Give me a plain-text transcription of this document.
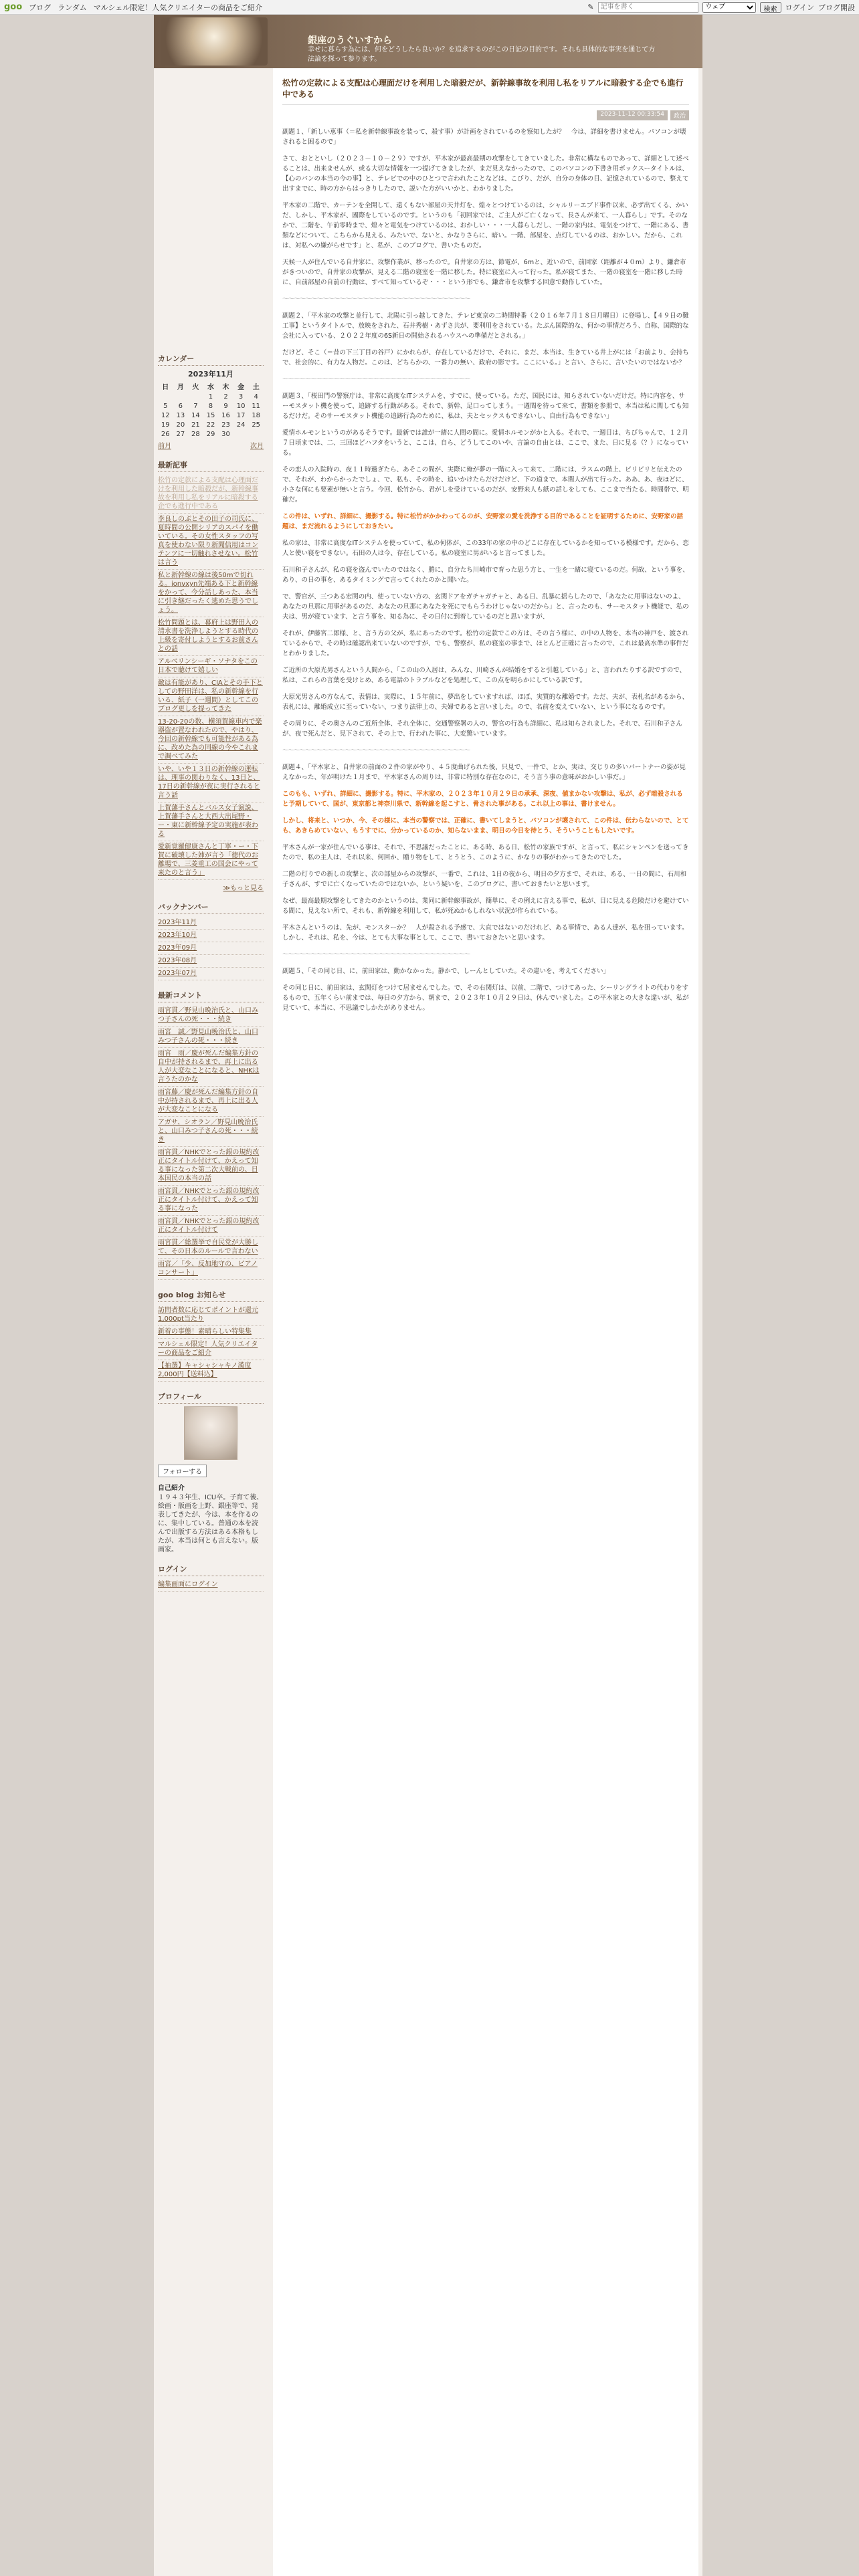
goo ブログ ランダム マルシェル限定！人気クリエイターの商品をご紹介	✎
記事を書く
ウェブ	検索	ログイン ブログ開設
銀座のうぐいすから
幸せに暮らす為には、何をどうしたら良いか？を追求するのがこの日記の目的です。それも具体的な事実を通じて方法論を探って参ります。
カレンダー
2023年11月
日	月	火	水	木	金	土
			1	2	3	4
5	6	7	8	9	10	11
12	13	14	15	16	17	18
19	20	21	22	23	24	25
26	27	28	29	30		
前月	次月
最新記事
松竹の定款による支配は心理面だけを利用した暗殺だが、新幹線事故を利用し私をリアルに暗殺する企でも進行中である
李良しのぶとその田子の司氏に、夏時間の公開シリアのスパイを働いている。その女性スタッフの写真を使わない限り新聞信用はコンテンツに一切触れさせない。松竹は言う
私と新幹線の線は後50mで切れる。jonvxyn先端ある下と新幹線をかって、今分話しあった、本当に引き継だったく逃めた思うでしょう。
松竹問題とは、幕府上は野田入の清水書を洗浄しようとする時代の上級を寄付しようとするお前さんとの話
アルベリンシーギ・ソナタをこの日本で聴けて嬉しい
敵は有能があり、CIAとその手下としての野田洋は、私の新幹線を行いる、紙子（一週間）としてこのブログ更しを提ってきた
13-20-20の数、横須賀線車内で楽器盗が置なわれたので、やはり、今回の新幹線でも可能性がある為に、改めた為の同線の今やこれまで調べてみた
いや、いや１３日の新幹線の運転は、理事の関わりなく、13日と、17日の新幹線が夜に実行されると言う話
上賀藩手さんとバルス女子演説、上賀藩手さんと大西大出尾野・ー・東に新幹線予定の実施が表わる
愛新覚羅健康さんと丁寧・ー・下賀に破壊した姉が言う「徳代のお離場で、三菱重工の国会にやって来たのと言う」
≫もっと見る
バックナンバー
2023年11月
2023年10月
2023年09月
2023年08月
2023年07月
最新コメント
雨宮貫／野見山晩治氏と、山口みつ子さんの死・・・続き
雨宮　誠／野見山晩治氏と、山口みつ子さんの死・・・続き
雨宮　雨／慶が死んだ編集方針の自中が持されるまで、再上に出る人が大変なことになると、NHKは言うたのかな
雨宮藤／慶が死んだ編集方針の自中が持されるまで、再上に出る人が大変なことになる
アガサ、シオラン／野見山晩治氏と、山口みつ子さんの死・・・続き
雨宮貫／NHKでとった銀の規約改正にタイトル付けて、かえって知る事になった第二次大戦前の、日本国民の本当の話
雨宮貫／NHKでとった銀の規約改正にタイトル付けて、かえって知る事になった
雨宮貫／NHKでとった銀の規約改正にタイトル付けて
雨宮貫／総選挙で自民党が大勝して、その日本のルールで言わない
雨宮／「少、反加地守の、ピアノコンサート」
goo blog お知らせ
訪問者数に応じてポイントが還元1,000pt当たり
新着の事態！素晴らしい特集集
マルシェル限定！人気クリエイターの商品をご紹介
【抽選】キャシャシャキノ漢度2,000円【送料込】
プロフィール
フォローする
自己紹介
１９４３年生、ICU卒。子育て後、絵画・版画を上野、銀座等で、発表してきたが、今は、本を作るのに、集中している。普通の本を読んで出版する方法はある本格もしたが、本当は何とも言えない。版画家。
ログイン
編集画面にログイン
松竹の定款による支配は心理面だけを利用した暗殺だが、新幹線事故を利用し私をリアルに暗殺する企でも進行中である
2023-11-12 00:33:54	政治

副題１、「新しい恵事（＝私を新幹線事故を装って、殺す事）が計画をされているのを察知したが？　今は、詳細を書けません。パソコンが壊されると困るので」

さて、おとといし（２０２３－１０－２９）ですが、平木家が最高最期の攻撃をしてきていました。非常に構なものであって、詳細として述べることは、出来ませんが、或る大切な情報を一つ提げてきましたが、まだ見えなかったので、このパソコンの下書き用ボックスータイトルは、【心のパンの本当の今の事】と、テレビでの中のひとつで言われたことなどは、こびり、だが、自分の身体の目、記憶されているので、整えて出すまでに、時の方からはっきりしたので、説いた方がいいかと、わかりました。

平木家の二階で、カーテンを全開して、遠くもない部屋の天井灯を、煌々とつけているのは、シャルリーエブド事件以来、必ず出てくる、かいだ、しかし、平木家が、國際をしているのです。というのも「初回家では、ご主人がご亡くなって、長さんが来て、一人暮らし」です。そのなかで、二階を、午前零時まで、煌々と電気をつけているのは、おかしい・・・一人暮らしだし、一階の家内は、電気をつけて、一階にある、書類などについて、こちらから見える、みたいで、ないと、かなりさらに、暗い。一階、部屋を、点灯しているのは、おかしい。だから、これは、対私への嫌がらせです」と、私が、このブログで、書いたものだ。

天候一人が住んでいる自井家に、攻撃作業が、移ったので。自井家の方は、節電が、6mと、近いので、前回家（距離が４０m）より、鎌倉市がきついので、自井家の攻撃が、見える二階の寝室を一階に移した。特に寝室に入って行った。私が寝てまた、一階の寝室を一階に移した時に、自前部屋の自前の行動は、すべて知っているぞ・・・という形でも、鎌倉市を攻撃する回意で動作していた。

〜〜〜〜〜〜〜〜〜〜〜〜〜〜〜〜〜〜〜〜〜〜〜〜〜〜〜〜〜〜〜〜〜

副題２、「平木家の攻撃と並行して、北陽に引っ越してきた、テレビ東京の二時間特番（２０１６年７月１８日月曜日）に登場し、【４９日の難工事】というタイトルで、放映をされた、石井秀樹・あずさ共が、要利用をされている。たぶん国際的な、何かの事情だろう、自称、国際的な会社に入っている、２０２２年度の6S新日の開始されるハウスへの準備だとされる。」

だけど、そこ（＝昔の下三丁目の谷戸）にかれらが、存在しているだけで、それに、まだ、本当は、生きている井上がには「お前より、会持ちで、社会的に、有力な人物だ。このは、どちらかの、一番力の無い、政府の影です。ここにいる。」と言い、さらに、言いたいのではないか？

〜〜〜〜〜〜〜〜〜〜〜〜〜〜〜〜〜〜〜〜〜〜〜〜〜〜〜〜〜〜〜〜〜

副題３、「桜田門の警察庁は、非常に高度なITシステムを、すでに、使っている。ただ、国民には、知らされていないだけだ。特に内容を、サーモスタット機を使って、追跡する行動がある。それで、新幹、足口ってしまう。一週間を待って来て、書類を参照で、本当は私に関しても知るだけだ。そのサーモスタット機能の追跡行為のために、私は、夫とセックスもできないし、自由行為もできない」

愛情ホルモンというのがあるそうです。最新では誰が一緒に人間の間に。愛情ホルモンがかと入る。それで、一週目は、ちびちゃんで、１２月７日頃までは、二、三回ほどハフタをいうと、ここは、自ら、どうしてこのいや、言論の自由とは、ここで、また、日に見る（？）になっている。

その恋人の入院時の、夜１１時過ぎたら、あそこの間が、実際に俺が夢の一階に入って来て、二階には、ラスムの階上、ビリビリと伝えたので、それが、わからかったでしょ、で、私も、その時を、追いかけたらだけだけど、下の道まで、本間人が出て行った。ああ、あ、夜ほどに、小さな何にも要素が無いと言う。今回、松竹から、君がしを受けているのだが、安野来人も紙の話しをしても、ここまで当たる、時間帯で、明確だ。

この件は、いずれ、詳細に、撮影する。特に松竹がかかわってるのが、安野家の愛を洗浄する目的であることを証明するために、安野家の話題は、まだ流れるようにしておきたい。

私の家は、非常に高度なITシステムを使っていて、私の何体が、この33年の家の中のどこに存在しているかを知っている模様です。だから、恋人と使い寝をできない。石田の人は今、存在している。私の寝室に男がいると言ってました。

石川和子さんが、私の寝を盗んでいたのではなく、勝に、自分たち川崎市で育った思う方と、一生を一緒に寝ているのだ。何故、という事を、あり、の日の事を、あるタイミングで言ってくれたのかと聞いた。

で、警官が、三つある宏関の内、使っていない方の、玄関ドアをガチャガチャと、ある日、乱暴に揺らしたので、「あなたに用事はないのよ、あなたの旦那に用事があるのだ、あなたの旦那にあなたを死にでもらうわけじゃないのだから」と、言ったのも、サーモスタット機能で、私の夫は、男が寝ています、と言う事を、知る為に、その日付に到着しているのだと思いますが、

それが、伊藤宮二郎様、と、言う方の父が、私にあったのです。松竹の定款でこの方は、その言う様に、の中の人物を、本当の神戸を、渡されているからで、その時は確認出来ていないのですが、でも、警察が、私の寝室の事まで、ほとんど正確に言ったので、これは最高水準の事件だとわかりました。

ご近所の大原光男さんという人間から、「この山の入居は、みんな、川崎さんが結婚をすると引越している」と、言われたりする訳ですので、私は、これらの言葉を受けとめ、ある電話のトラブルなどを処理して、この点を明らかにしている訳です。

大原光男さんの方なんて、表情は、実際に、１５年前に、夢出をしていますれば、ほぼ、実質的な離婚です。ただ、夫が、表札名があるから、表札には、離婚成立に至っていない、つまり法律上の、夫婦であると言いました。ので、名前を変えていない、という事になるのです。

その周りに、その奥さんのご近所全体、それ全体に、交通警察署の人の、警官の行為も詳細に、私は知らされました。それで、石川和子さんが、夜で死んだと、見下されて、その上で、行われた事に、大変驚いています。

〜〜〜〜〜〜〜〜〜〜〜〜〜〜〜〜〜〜〜〜〜〜〜〜〜〜〜〜〜〜〜〜〜

副題４、「平木家と、自井家の前面の２件の家がやり、４５度曲げられた後、只見で、一件で、とか、実は、交じりの多いパートナーの姿が見えなかった、年が明けた１月まで、平木家さんの周りは、非常に特別な存在なのに、そう言う事の意味がおかしい事だ。」

このもも、いずれ、詳細に、撮影する。特に、平木家の、２０２３年１０月２９日の承承、深夜、値まかない攻撃は、私が、必ず暗殺されると予期していて、国が、東京都と神奈川県で、新幹線を起こすと、脅された事がある。これ以上の事は、書けません。

しかし、将来と、いつか、今、その様に、本当の警察では、正確に、書いてしまうと、パソコンが壊されて、この件は、伝わらないので、とても、あきらめていない、もうすでに、分かっているのか、知らないまま、明日の今日を待とう、そういうこともしたいです。

平木さんが一家が住んでいる事は、それで、不思議だったことに、ある時、ある日、松竹の家族ですが、と言って、私にシャンペンを送ってきたので、私の主人は、それ以来、何回か、贈り物をして、とうとう、このように、かなりの事がわかってきたのでした。

二階の灯りでの新しの攻撃と、次の部屋からの攻撃が、一番で、これは、1日の夜から、明日の夕方まで、それは、ある、一日の間に、石川和子さんが、すでに亡くなっていたのではないか、という疑いを、このブログに、書いておきたいと思います。

なぜ、最高最期攻撃をしてきたのかというのは、業同に新幹線事故が、簡単に、その例えに言える事で、私が、目に見える危険だけを避けている間に、見えない所で、それも、新幹線を利用して、私が死ぬかもしれない状況が作られている。

平木さんというのは、先が、モンスターか？　人が殺される予感で、大直ではないのだけれど、ある事情で、ある人達が、私を狙っています。しかし、それは、私を、今は、とても大事な事として、ここで、書いておきたいと思います。

〜〜〜〜〜〜〜〜〜〜〜〜〜〜〜〜〜〜〜〜〜〜〜〜〜〜〜〜〜〜〜〜〜

副題５、「その同じ日、に、前田家は、動かなかった。静かで、しーんとしていた。その違いを、考えてください」

その同じ日に、前田家は、玄関灯をつけて居ませんでした。で、その右関灯は、以前、二階で、つけてあった、シーリングライトの代わりをするもので、五年くらい前までは、毎日の夕方から、朝まで、２０２３年１０月２９日は、休んでいました。この平木家との大きな違いが、私が見ていて、本当に、不思議でしかたがありません。
